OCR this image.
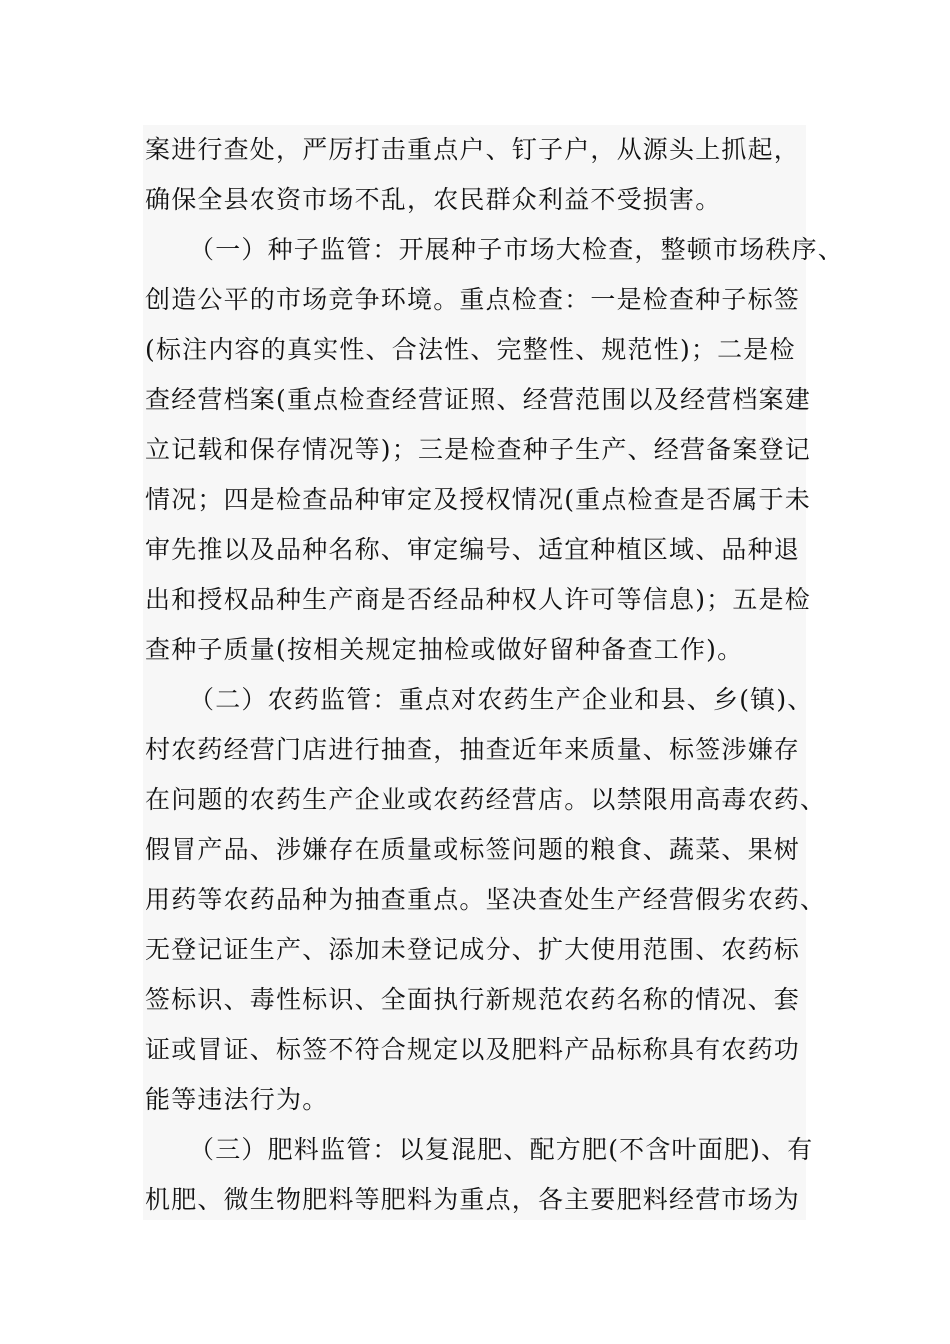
案进行查处，严厉打击重点户、钉子户，从源头上抓起，
确保全县农资市场不乱，农民群众利益不受损害。
（一）种子监管：开展种子市场大检查，整顿市场秩序、
创造公平的市场竞争环境。重点检查：一是检查种子标签
(标注内容的真实性、合法性、完整性、规范性)；二是检
查经营档案(重点检查经营证照、经营范围以及经营档案建
立记载和保存情况等)；三是检查种子生产、经营备案登记
情况；四是检查品种审定及授权情况(重点检查是否属于未
审先推以及品种名称、审定编号、适宜种植区域、品种退
出和授权品种生产商是否经品种权人许可等信息)；五是检
查种子质量(按相关规定抽检或做好留种备查工作)。
（二）农药监管：重点对农药生产企业和县、乡(镇)、
村农药经营门店进行抽查，抽查近年来质量、标签涉嫌存
在问题的农药生产企业或农药经营店。以禁限用高毒农药、
假冒产品、涉嫌存在质量或标签问题的粮食、蔬菜、果树
用药等农药品种为抽查重点。坚决查处生产经营假劣农药、
无登记证生产、添加未登记成分、扩大使用范围、农药标
签标识、毒性标识、全面执行新规范农药名称的情况、套
证或冒证、标签不符合规定以及肥料产品标称具有农药功
能等违法行为。
（三）肥料监管：以复混肥、配方肥(不含叶面肥)、有
机肥、微生物肥料等肥料为重点，各主要肥料经营市场为
